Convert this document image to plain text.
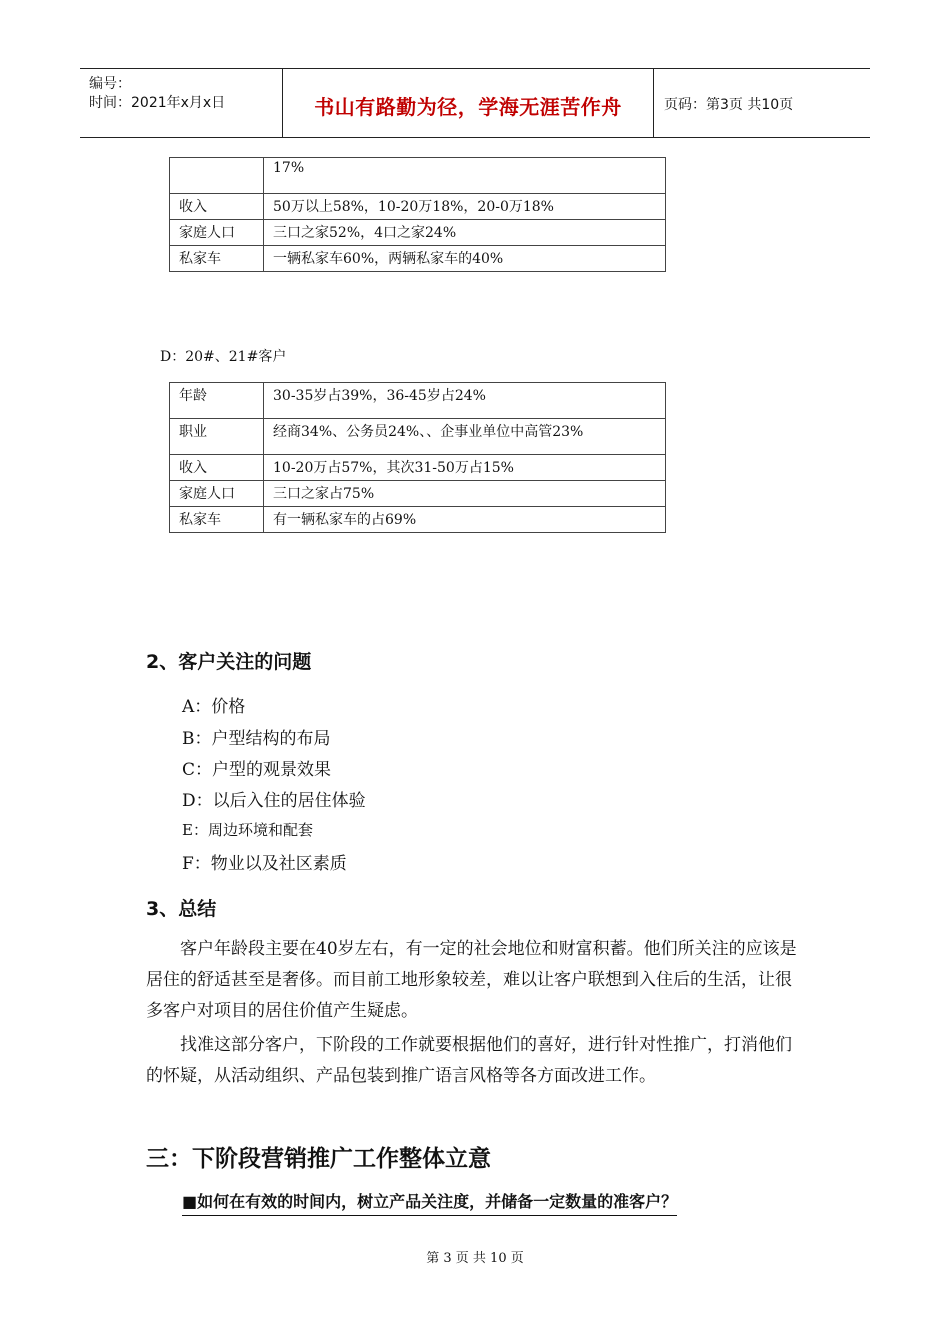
编号：
时间：2021年x月x日	书山有路勤为径，学海无涯苦作舟	页码：第3页 共10页
	17%
收入	50万以上58%，10-20万18%，20-0万18%
家庭人口	三口之家52%，4口之家24%
私家车	一辆私家车60%，两辆私家车的40%
D：20#、21#客户
年龄	30-35岁占39%，36-45岁占24%
职业	经商34%、公务员24%、、企事业单位中高管23%
收入	10-20万占57%，其次31-50万占15%
家庭人口	三口之家占75%
私家车	有一辆私家车的占69%
2、客户关注的问题
A：价格
B：户型结构的布局
C：户型的观景效果
D：以后入住的居住体验
E：周边环境和配套
F：物业以及社区素质
3、总结
客户年龄段主要在40岁左右，有一定的社会地位和财富积蓄。他们所关注的应该是居住的舒适甚至是奢侈。而目前工地形象较差，难以让客户联想到入住后的生活，让很多客户对项目的居住价值产生疑虑。
找准这部分客户，下阶段的工作就要根据他们的喜好，进行针对性推广，打消他们的怀疑，从活动组织、产品包装到推广语言风格等各方面改进工作。
三：下阶段营销推广工作整体立意
■如何在有效的时间内，树立产品关注度，并储备一定数量的准客户？
第 3 页 共 10 页
